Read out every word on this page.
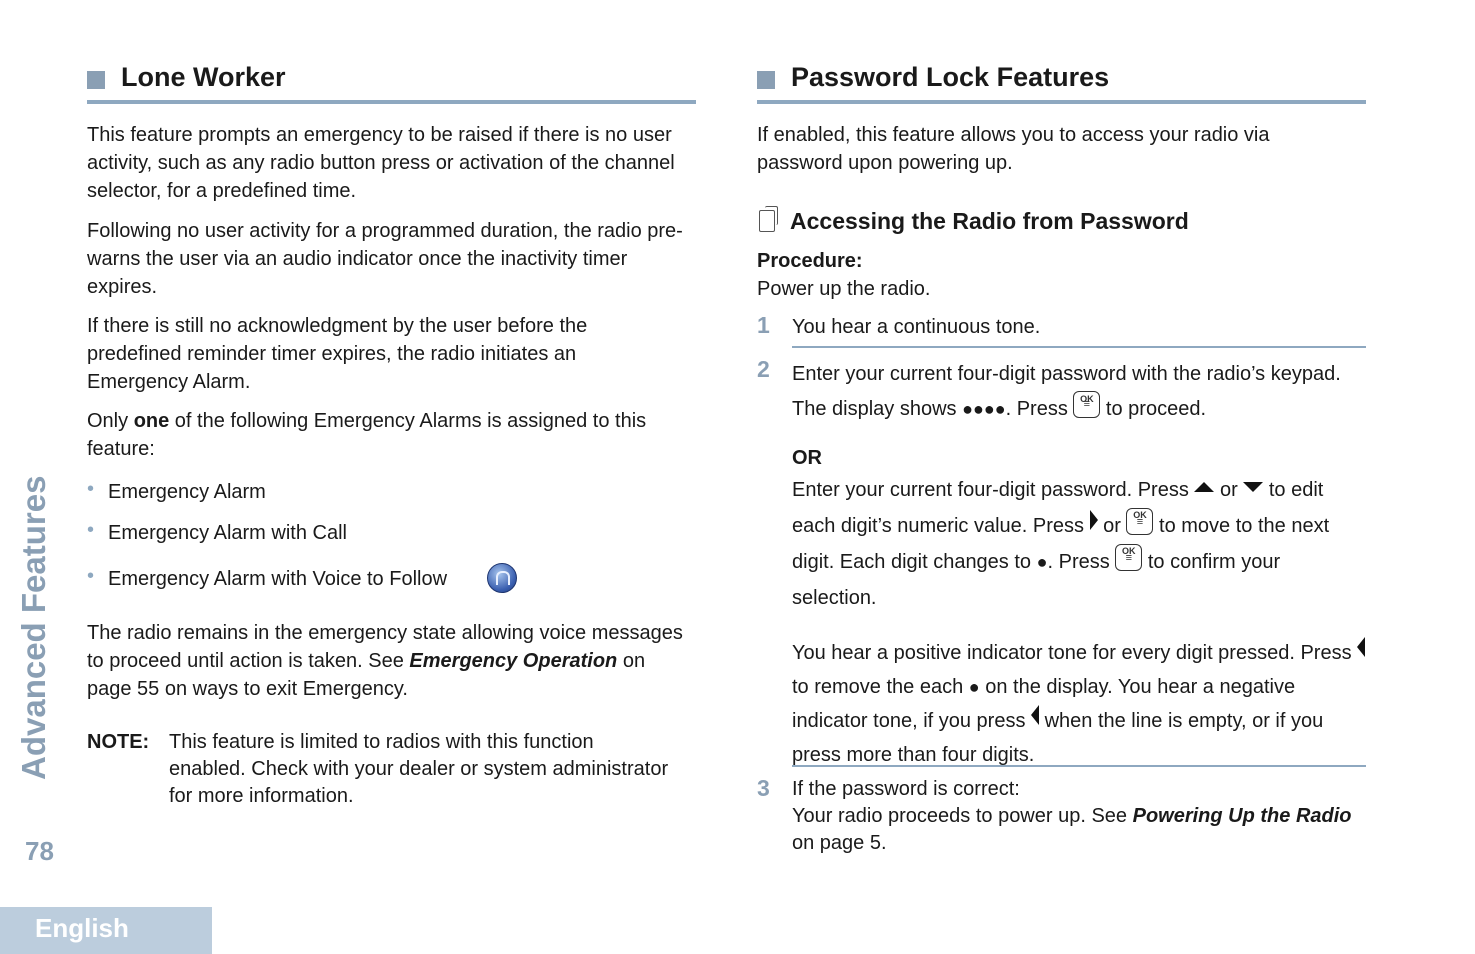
Advanced Features
78
English
Lone Worker

This feature prompts an emergency to be raised if there is no user activity, such as any radio button press or activation of the channel selector, for a predefined time.

Following no user activity for a programmed duration, the radio pre-warns the user via an audio indicator once the inactivity timer expires.

If there is still no acknowledgment by the user before the predefined reminder timer expires, the radio initiates an Emergency Alarm.

Only one of the following Emergency Alarms is assigned to this feature:

• Emergency Alarm
• Emergency Alarm with Call
• Emergency Alarm with Voice to Follow

The radio remains in the emergency state allowing voice messages to proceed until action is taken. See Emergency Operation on page 55 on ways to exit Emergency.

NOTE: This feature is limited to radios with this function enabled. Check with your dealer or system administrator for more information.
Password Lock Features

If enabled, this feature allows you to access your radio via password upon powering up.

Accessing the Radio from Password

Procedure:

Power up the radio.

1 You hear a continuous tone.
2 Enter your current four-digit password with the radio’s keypad. The display shows ●●●●. Press ≡ OK to proceed.
OR
Enter your current four-digit password. Press  or  to edit each digit’s numeric value. Press  or ≡ OK to move to the next digit. Each digit changes to ●. Press ≡ OK to confirm your selection.
You hear a positive indicator tone for every digit pressed. Press  to remove the each ● on the display. You hear a negative indicator tone, if you press  when the line is empty, or if you press more than four digits.
3 If the password is correct:
Your radio proceeds to power up. See Powering Up the Radio on page 5.
